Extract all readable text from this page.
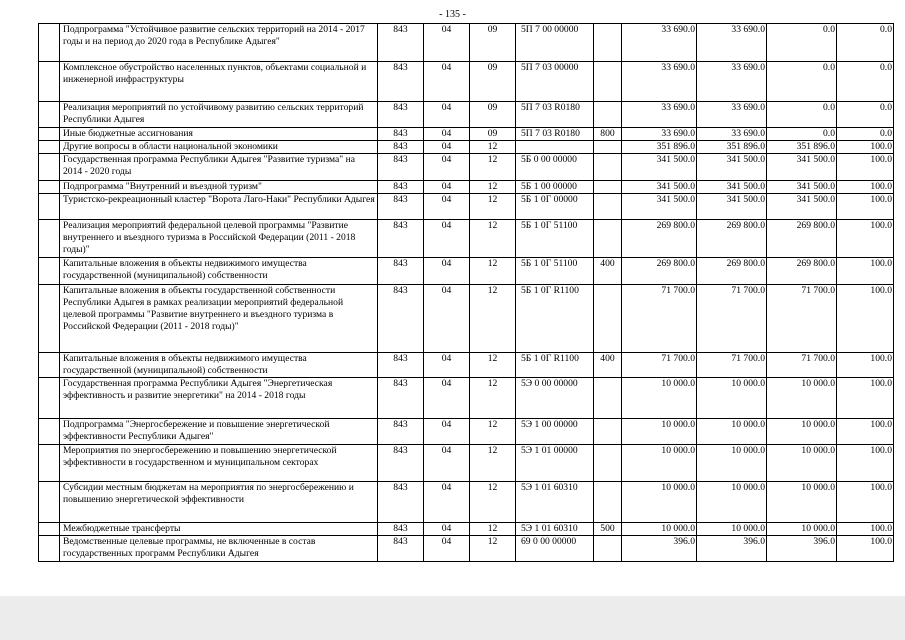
- 135 -
	Подпрограмма "Устойчивое развитие сельских территорий на 2014 - 2017 годы и на период до 2020 года в Республике Адыгея"	843	04	09	5П 7 00 00000		33 690.0	33 690.0	0.0	0.0
	Комплексное обустройство населенных пунктов, объектами социальной и инженерной инфраструктуры	843	04	09	5П 7 03 00000		33 690.0	33 690.0	0.0	0.0
	Реализация мероприятий по устойчивому развитию сельских территорий Республики Адыгея	843	04	09	5П 7 03 R0180		33 690.0	33 690.0	0.0	0.0
	Иные бюджетные ассигнования	843	04	09	5П 7 03 R0180	800	33 690.0	33 690.0	0.0	0.0
	Другие вопросы в области национальной экономики	843	04	12			351 896.0	351 896.0	351 896.0	100.0
	Государственная программа Республики Адыгея "Развитие туризма" на 2014 - 2020 годы	843	04	12	5Б 0 00 00000		341 500.0	341 500.0	341 500.0	100.0
	Подпрограмма "Внутренний и въездной туризм"	843	04	12	5Б 1 00 00000		341 500.0	341 500.0	341 500.0	100.0
	Туристско-рекреационный кластер "Ворота Лаго-Наки" Республики Адыгея	843	04	12	5Б 1 0Г 00000		341 500.0	341 500.0	341 500.0	100.0
	Реализация мероприятий федеральной целевой программы "Развитие внутреннего и въездного туризма в Российской Федерации (2011 - 2018 годы)"	843	04	12	5Б 1 0Г 51100		269 800.0	269 800.0	269 800.0	100.0
	Капитальные вложения в объекты недвижимого имущества государственной (муниципальной) собственности	843	04	12	5Б 1 0Г 51100	400	269 800.0	269 800.0	269 800.0	100.0
	Капитальные вложения в объекты государственной собственности Республики Адыгея в рамках реализации мероприятий федеральной целевой программы "Развитие внутреннего и въездного туризма в Российской Федерации (2011 - 2018 годы)"	843	04	12	5Б 1 0Г R1100		71 700.0	71 700.0	71 700.0	100.0
	Капитальные вложения в объекты недвижимого имущества государственной (муниципальной) собственности	843	04	12	5Б 1 0Г R1100	400	71 700.0	71 700.0	71 700.0	100.0
	Государственная программа Республики Адыгея "Энергетическая эффективность и развитие энергетики" на 2014 - 2018 годы	843	04	12	5Э 0 00 00000		10 000.0	10 000.0	10 000.0	100.0
	Подпрограмма "Энергосбережение и повышение энергетической эффективности Республики Адыгея"	843	04	12	5Э 1 00 00000		10 000.0	10 000.0	10 000.0	100.0
	Мероприятия по энергосбережению и повышению энергетической эффективности в государственном и муниципальном секторах	843	04	12	5Э 1 01 00000		10 000.0	10 000.0	10 000.0	100.0
	Субсидии местным бюджетам на мероприятия по энергосбережению и повышению энергетической эффективности	843	04	12	5Э 1 01 60310		10 000.0	10 000.0	10 000.0	100.0
	Межбюджетные трансферты	843	04	12	5Э 1 01 60310	500	10 000.0	10 000.0	10 000.0	100.0
	Ведомственные целевые программы, не включенные в состав государственных программ Республики Адыгея	843	04	12	69 0 00 00000		396.0	396.0	396.0	100.0
